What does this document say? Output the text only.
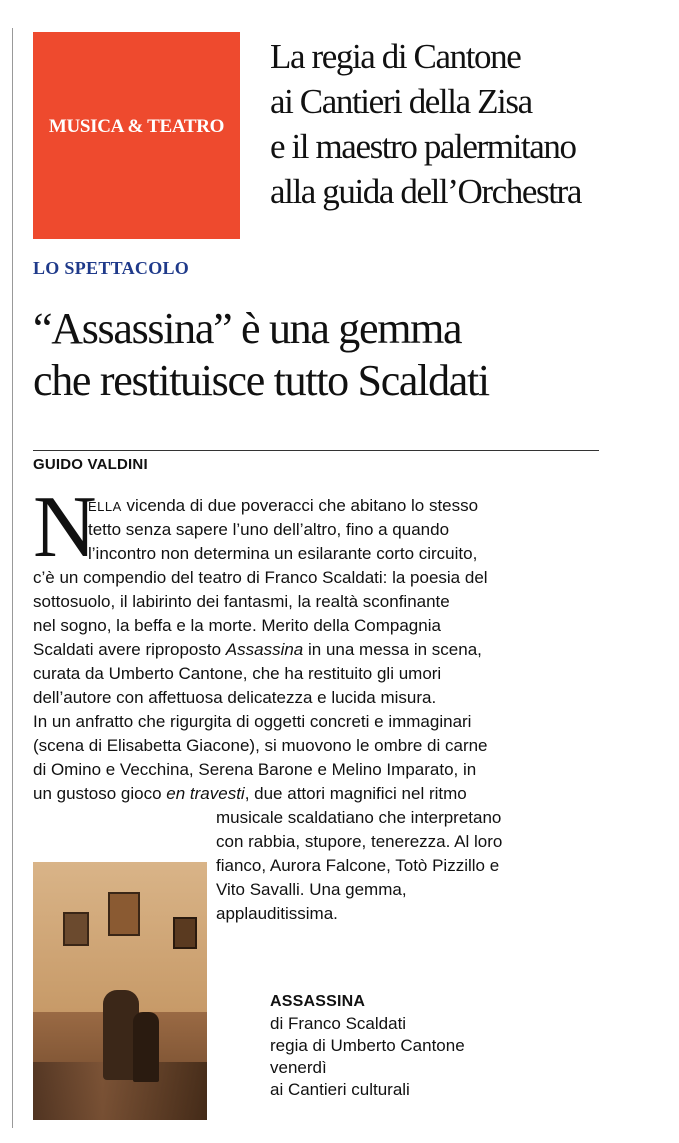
MUSICA & TEATRO
La regia di Cantone
ai Cantieri della Zisa
e il maestro palermitano
alla guida dell’Orchestra
LO SPETTACOLO
“Assassina” è una gemma
che restituisce tutto Scaldati
GUIDO VALDINI
N
ELLA vicenda di due poveracci che abitano lo stesso
tetto senza sapere l’uno dell’altro, fino a quando
l’incontro non determina un esilarante corto circuito,
c’è un compendio del teatro di Franco Scaldati: la poesia del
sottosuolo, il labirinto dei fantasmi, la realtà sconfinante
nel sogno, la beffa e la morte. Merito della Compagnia
Scaldati avere riproposto Assassina in una messa in scena,
curata da Umberto Cantone, che ha restituito gli umori
dell’autore con affettuosa delicatezza e lucida misura.
In un anfratto che rigurgita di oggetti concreti e immaginari
(scena di Elisabetta Giacone), si muovono le ombre di carne
di Omino e Vecchina, Serena Barone e Melino Imparato, in
un gustoso gioco en travesti, due attori magnifici nel ritmo
musicale scaldatiano che interpretano
con rabbia, stupore, tenerezza. Al loro
fianco, Aurora Falcone, Totò Pizzillo e
Vito Savalli. Una gemma,
applauditissima.
ASSASSINA
di Franco Scaldati
regia di Umberto Cantone
venerdì
ai Cantieri culturali
